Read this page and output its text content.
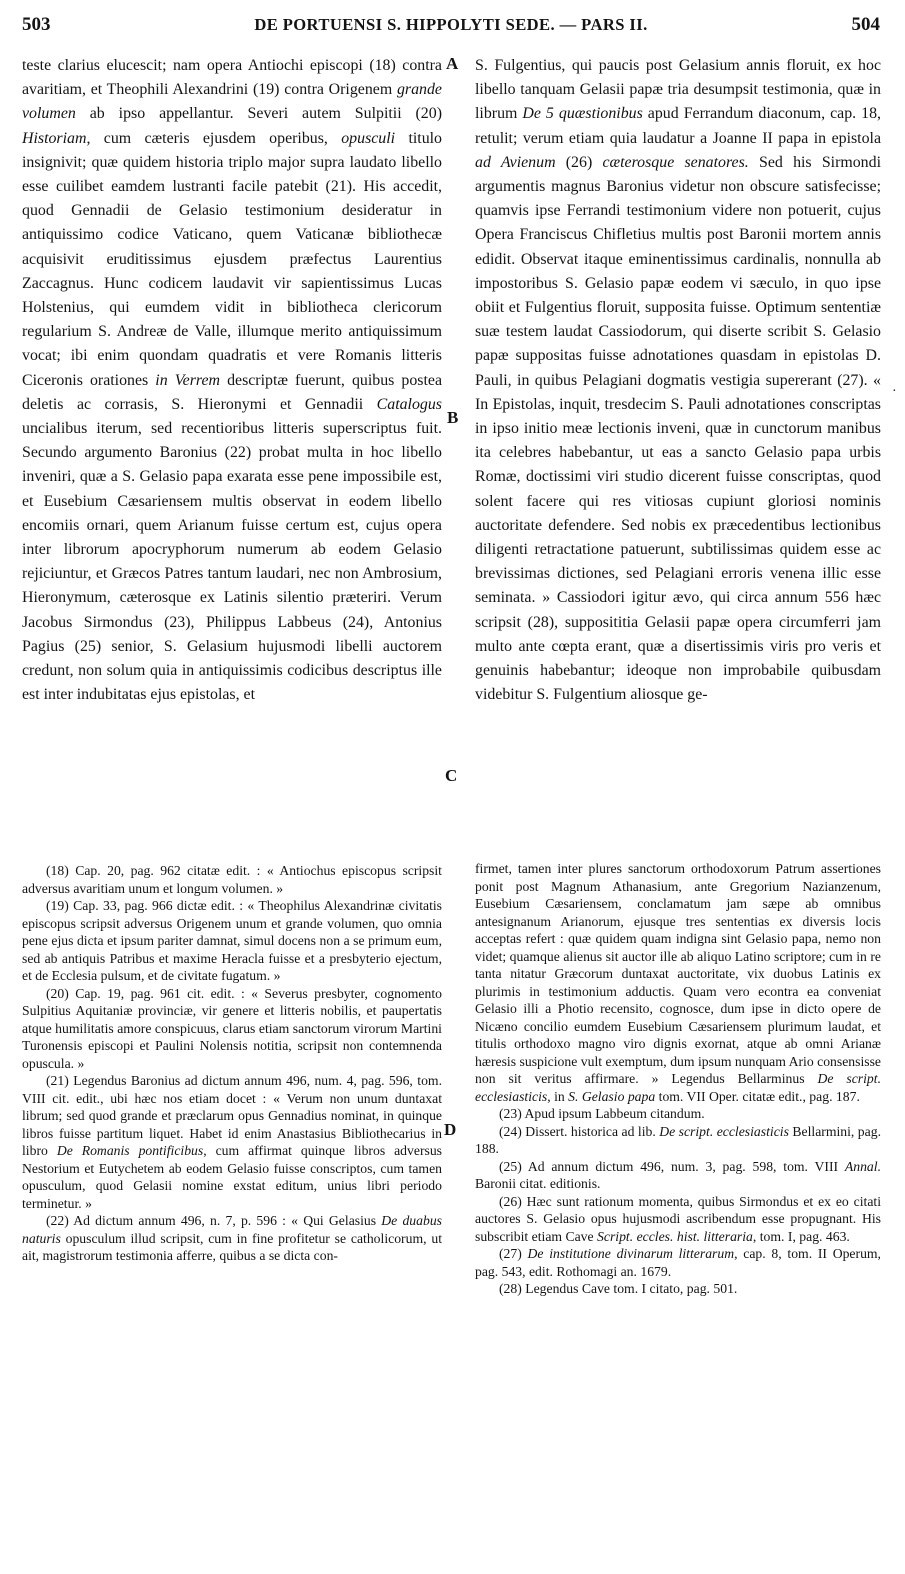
503	DE PORTUENSI S. HIPPOLYTI SEDE. — PARS II.	504

teste clarius elucescit; nam opera Antiochi episcopi (18) contra avaritiam, et Theophili Alexandrini (19) contra Origenem grande volumen ab ipso appellantur. Severi autem Sulpitii (20) Historiam, cum cæteris ejusdem operibus, opusculi titulo insignivit; quæ quidem historia triplo major supra laudato libello esse cuilibet eamdem lustranti facile patebit (21). His accedit, quod Gennadii de Gelasio testimonium desideratur in antiquissimo codice Vaticano, quem Vaticanæ bibliothecæ acquisivit eruditissimus ejusdem præfectus Laurentius Zaccagnus. Hunc codicem laudavit vir sapientissimus Lucas Holstenius, qui eumdem vidit in bibliotheca clericorum regularium S. Andreæ de Valle, illumque merito antiquissimum vocat; ibi enim quondam quadratis et vere Romanis litteris Ciceronis orationes in Verrem descriptæ fuerunt, quibus postea deletis ac corrasis, S. Hieronymi et Gennadii Catalogus uncialibus iterum, sed recentioribus litteris superscriptus fuit. Secundo argumento Baronius (22) probat multa in hoc libello inveniri, quæ a S. Gelasio papa exarata esse pene impossibile est, et Eusebium Cæsariensem multis observat in eodem libello encomiis ornari, quem Arianum fuisse certum est, cujus opera inter librorum apocryphorum numerum ab eodem Gelasio rejiciuntur, et Græcos Patres tantum laudari, nec non Ambrosium, Hieronymum, cæterosque ex Latinis silentio præteriri. Verum Jacobus Sirmondus (23), Philippus Labbeus (24), Antonius Pagius (25) senior, S. Gelasium hujusmodi libelli auctorem credunt, non solum quia in antiquissimis codicibus descriptus ille est inter indubitatas ejus epistolas, et

S. Fulgentius, qui paucis post Gelasium annis floruit, ex hoc libello tanquam Gelasii papæ tria desumpsit testimonia, quæ in librum De 5 quæstionibus apud Ferrandum diaconum, cap. 18, retulit; verum etiam quia laudatur a Joanne II papa in epistola ad Avienum (26) cæterosque senatores. Sed his Sirmondi argumentis magnus Baronius videtur non obscure satisfecisse; quamvis ipse Ferrandi testimonium videre non potuerit, cujus Opera Franciscus Chifletius multis post Baronii mortem annis edidit. Observat itaque eminentissimus cardinalis, nonnulla ab impostoribus S. Gelasio papæ eodem vi sæculo, in quo ipse obiit et Fulgentius floruit, supposita fuisse. Optimum sententiæ suæ testem laudat Cassiodorum, qui diserte scribit S. Gelasio papæ suppositas fuisse adnotationes quasdam in epistolas D. Pauli, in quibus Pelagiani dogmatis vestigia supererant (27). « In Epistolas, inquit, tresdecim S. Pauli adnotationes conscriptas in ipso initio meæ lectionis inveni, quæ in cunctorum manibus ita celebres habebantur, ut eas a sancto Gelasio papa urbis Romæ, doctissimi viri studio dicerent fuisse conscriptas, quod solent facere qui res vitiosas cupiunt gloriosi nominis auctoritate defendere. Sed nobis ex præcedentibus lectionibus diligenti retractatione patuerunt, subtilissimas quidem esse ac brevissimas dictiones, sed Pelagiani erroris venena illic esse seminata. » Cassiodori igitur ævo, qui circa annum 556 hæc scripsit (28), supposititia Gelasii papæ opera circumferri jam multo ante cœpta erant, quæ a disertissimis viris pro veris et genuinis habebantur; ideoque non improbabile quibusdam videbitur S. Fulgentium aliosque ge-

A
B
C
D
·

(18) Cap. 20, pag. 962 citatæ edit. : « Antiochus episcopus scripsit adversus avaritiam unum et longum volumen. »

(19) Cap. 33, pag. 966 dictæ edit. : « Theophilus Alexandrinæ civitatis episcopus scripsit adversus Origenem unum et grande volumen, quo omnia pene ejus dicta et ipsum pariter damnat, simul docens non a se primum eum, sed ab antiquis Patribus et maxime Heracla fuisse et a presbyterio ejectum, et de Ecclesia pulsum, et de civitate fugatum. »

(20) Cap. 19, pag. 961 cit. edit. : « Severus presbyter, cognomento Sulpitius Aquitaniæ provinciæ, vir genere et litteris nobilis, et paupertatis atque humilitatis amore conspicuus, clarus etiam sanctorum virorum Martini Turonensis episcopi et Paulini Nolensis notitia, scripsit non contemnenda opuscula. »

(21) Legendus Baronius ad dictum annum 496, num. 4, pag. 596, tom. VIII cit. edit., ubi hæc nos etiam docet : « Verum non unum duntaxat librum; sed quod grande et præclarum opus Gennadius nominat, in quinque libros fuisse partitum liquet. Habet id enim Anastasius Bibliothecarius in libro De Romanis pontificibus, cum affirmat quinque libros adversus Nestorium et Eutychetem ab eodem Gelasio fuisse conscriptos, cum tamen opusculum, quod Gelasii nomine exstat editum, unius libri periodo terminetur. »

(22) Ad dictum annum 496, n. 7, p. 596 : « Qui Gelasius De duabus naturis opusculum illud scripsit, cum in fine profitetur se catholicorum, ut ait, magistrorum testimonia afferre, quibus a se dicta con-

firmet, tamen inter plures sanctorum orthodoxorum Patrum assertiones ponit post Magnum Athanasium, ante Gregorium Nazianzenum, Eusebium Cæsariensem, conclamatum jam sæpe ab omnibus antesignanum Arianorum, ejusque tres sententias ex diversis locis acceptas refert : quæ quidem quam indigna sint Gelasio papa, nemo non videt; quamque alienus sit auctor ille ab aliquo Latino scriptore; cum in re tanta nitatur Græcorum duntaxat auctoritate, vix duobus Latinis ex plurimis in testimonium adductis. Quam vero econtra ea conveniat Gelasio illi a Photio recensito, cognosce, dum ipse in dicto opere de Nicæno concilio eumdem Eusebium Cæsariensem plurimum laudat, et titulis orthodoxo magno viro dignis exornat, atque ab omni Arianæ hæresis suspicione vult exemptum, dum ipsum nunquam Ario consensisse non sit veritus affirmare. » Legendus Bellarminus De script. ecclesiasticis, in S. Gelasio papa tom. VII Oper. citatæ edit., pag. 187.

(23) Apud ipsum Labbeum citandum.

(24) Dissert. historica ad lib. De script. ecclesiasticis Bellarmini, pag. 188.

(25) Ad annum dictum 496, num. 3, pag. 598, tom. VIII Annal. Baronii citat. editionis.

(26) Hæc sunt rationum momenta, quibus Sirmondus et ex eo citati auctores S. Gelasio opus hujusmodi ascribendum esse propugnant. His subscribit etiam Cave Script. eccles. hist. litteraria, tom. I, pag. 463.

(27) De institutione divinarum litterarum, cap. 8, tom. II Operum, pag. 543, edit. Rothomagi an. 1679.

(28) Legendus Cave tom. I citato, pag. 501.
